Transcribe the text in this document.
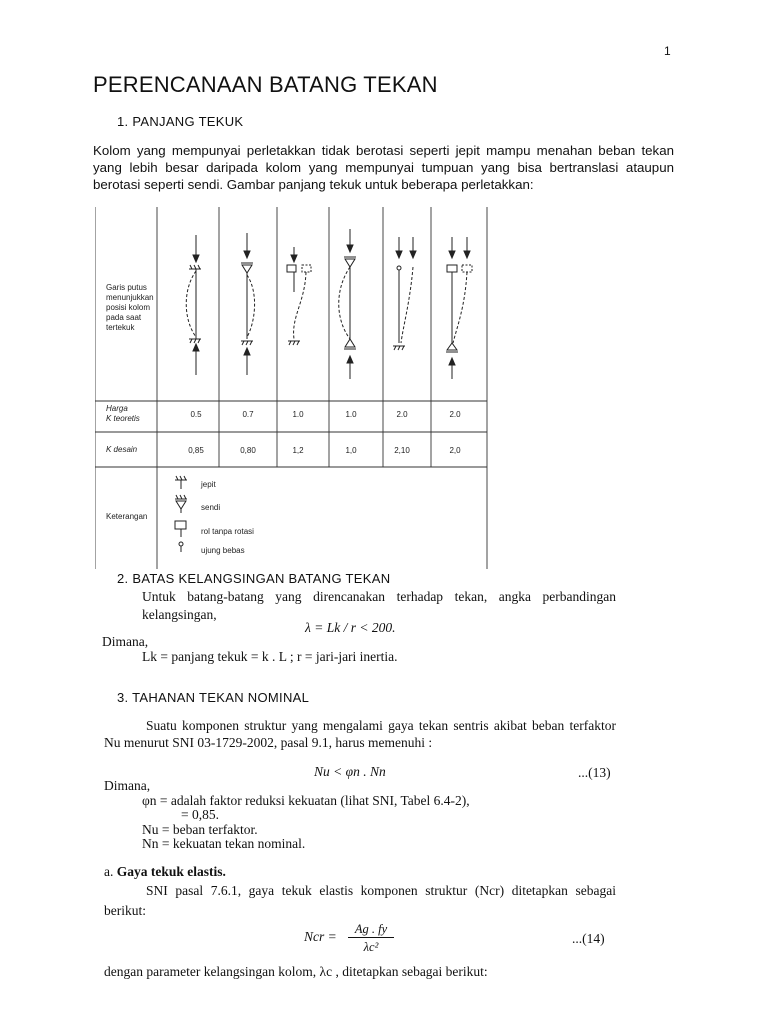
1
PERENCANAAN BATANG TEKAN
1. PANJANG TEKUK
Kolom yang mempunyai perletakkan tidak berotasi seperti jepit mampu menahan beban tekan yang lebih besar daripada kolom yang mempunyai tumpuan yang bisa bertranslasi ataupun berotasi seperti sendi. Gambar panjang tekuk untuk beberapa perletakkan:
Garis putus
menunjukkan
posisi kolom
pada saat
tertekuk
Harga
K teoretis	0.5	0.7	1.0	1.0	2.0	2.0
K desain	0,85	0,80	1,2	1,0	2,10	2,0
Keterangan
jepit
sendi
rol tanpa rotasi
ujung bebas
2. BATAS KELANGSINGAN BATANG TEKAN
Untuk batang-batang yang direncanakan terhadap tekan, angka perbandingan kelangsingan,
λ = Lk / r < 200.
Dimana,
Lk = panjang tekuk = k . L ; r = jari-jari inertia.
3. TAHANAN TEKAN NOMINAL
Suatu komponen struktur yang mengalami gaya tekan sentris akibat beban terfaktor Nu menurut SNI 03-1729-2002, pasal 9.1, harus memenuhi :
Nu < φn . Nn	...(13)
Dimana,
φn = adalah faktor reduksi kekuatan (lihat SNI, Tabel 6.4-2),
= 0,85.
Nu = beban terfaktor.
Nn = kekuatan tekan nominal.
a. Gaya tekuk elastis.
SNI pasal 7.6.1, gaya tekuk elastis komponen struktur (Ncr) ditetapkan sebagai berikut:
Ncr =	Ag . fy
λc²
...(14)
dengan parameter kelangsingan kolom, λc , ditetapkan sebagai berikut:
